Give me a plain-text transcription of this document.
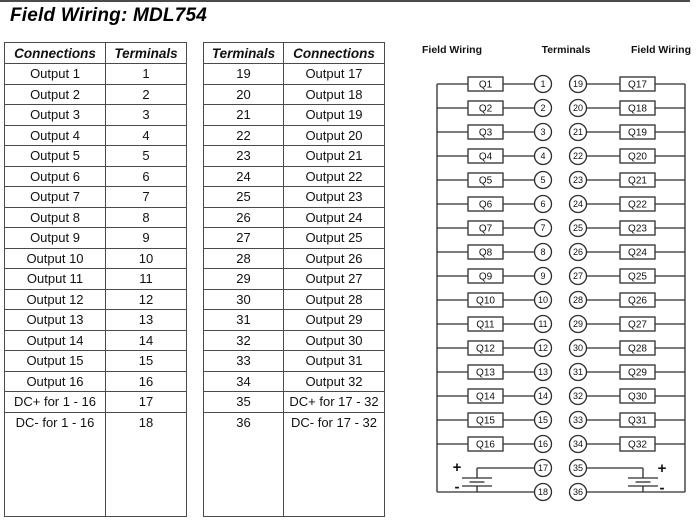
Field Wiring: MDL754
Connections	Terminals
Output 1	1
Output 2	2
Output 3	3
Output 4	4
Output 5	5
Output 6	6
Output 7	7
Output 8	8
Output 9	9
Output 10	10
Output 11	11
Output 12	12
Output 13	13
Output 14	14
Output 15	15
Output 16	16
DC+ for 1 - 16	17
DC- for 1 - 16	18
Terminals	Connections
19	Output 17
20	Output 18
21	Output 19
22	Output 20
23	Output 21
24	Output 22
25	Output 23
26	Output 24
27	Output 25
28	Output 26
29	Output 27
30	Output 28
31	Output 29
32	Output 30
33	Output 31
34	Output 32
35	DC+ for 17 - 32
36	DC- for 17 - 32
Field Wiring	Terminals	Field Wiring
Q1	1
Q2	2
Q3	3
Q4	4
Q5	5
Q6	6
Q7	7
Q8	8
Q9	9
Q10	10
Q11	11
Q12	12
Q13	13
Q14	14
Q15	15
Q16	16
19	Q17
20	Q18
21	Q19
22	Q20
23	Q21
24	Q22
25	Q23
26	Q24
27	Q25
28	Q26
29	Q27
30	Q28
31	Q29
32	Q30
33	Q31
34	Q32
17
18
+
-
35
36
+
-
